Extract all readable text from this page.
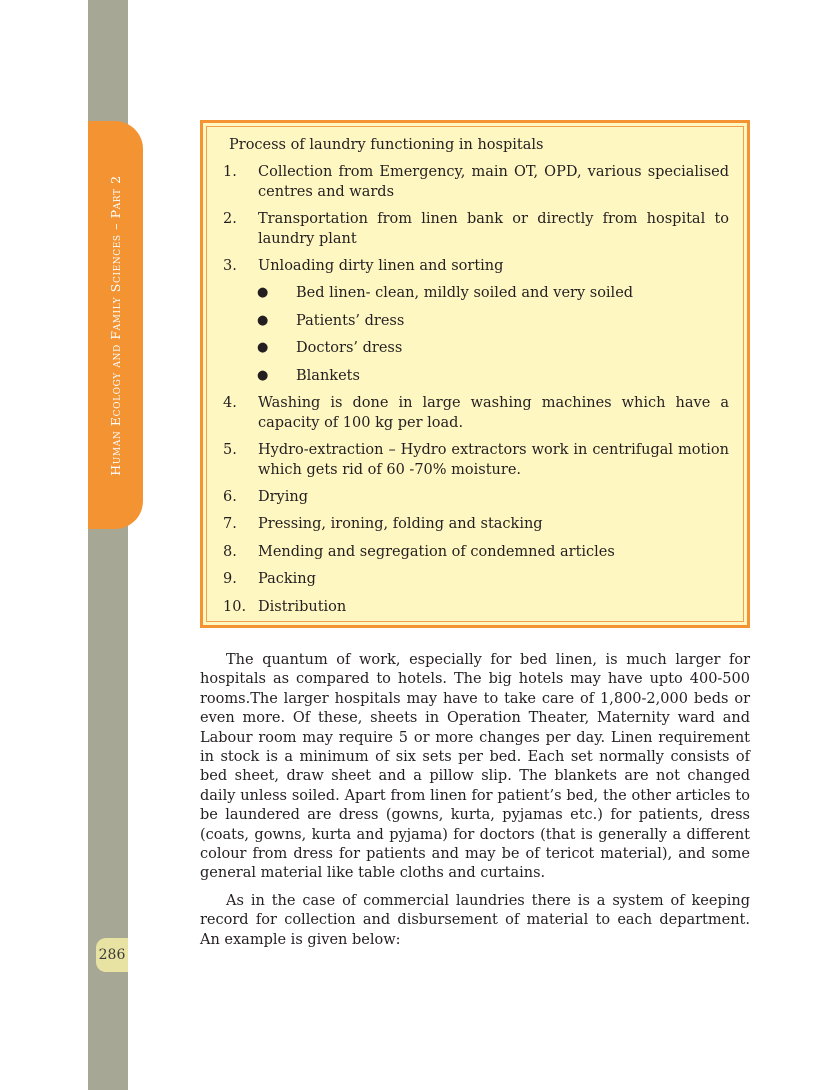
Human Ecology and Family Sciences – Part 2
286
Process of laundry functioning in hospitals
1.	Collection from Emergency, main OT, OPD, various specialised centres and wards
2.	Transportation from linen bank or directly from hospital to laundry plant
3.	Unloading dirty linen and sorting
● Bed linen- clean, mildly soiled and very soiled
● Patients’ dress
● Doctors’ dress
● Blankets
4.	Washing is done in large washing machines which have a capacity of 100 kg per load.
5.	Hydro-extraction – Hydro extractors work in centrifugal motion which gets rid of 60 -70% moisture.
6.	Drying
7.	Pressing, ironing, folding and stacking
8.	Mending and segregation of condemned articles
9.	Packing
10. Distribution
The quantum of work, especially for bed linen, is much larger for hospitals as compared to hotels. The big hotels may have upto 400-500 rooms.The larger hospitals may have to take care of 1,800-2,000 beds or even more. Of these, sheets in Operation Theater, Maternity ward and Labour room may require 5 or more changes per day. Linen requirement in stock is a minimum of six sets per bed. Each set normally consists of bed sheet, draw sheet and a pillow slip. The blankets are not changed daily unless soiled. Apart from linen for patient’s bed, the other articles to be laundered are dress (gowns, kurta, pyjamas etc.) for patients, dress (coats, gowns, kurta and pyjama) for doctors (that is generally a different colour from dress for patients and may be of tericot material), and some general material like table cloths and curtains.
As in the case of commercial laundries there is a system of keeping record for collection and disbursement of material to each department. An example is given below:
